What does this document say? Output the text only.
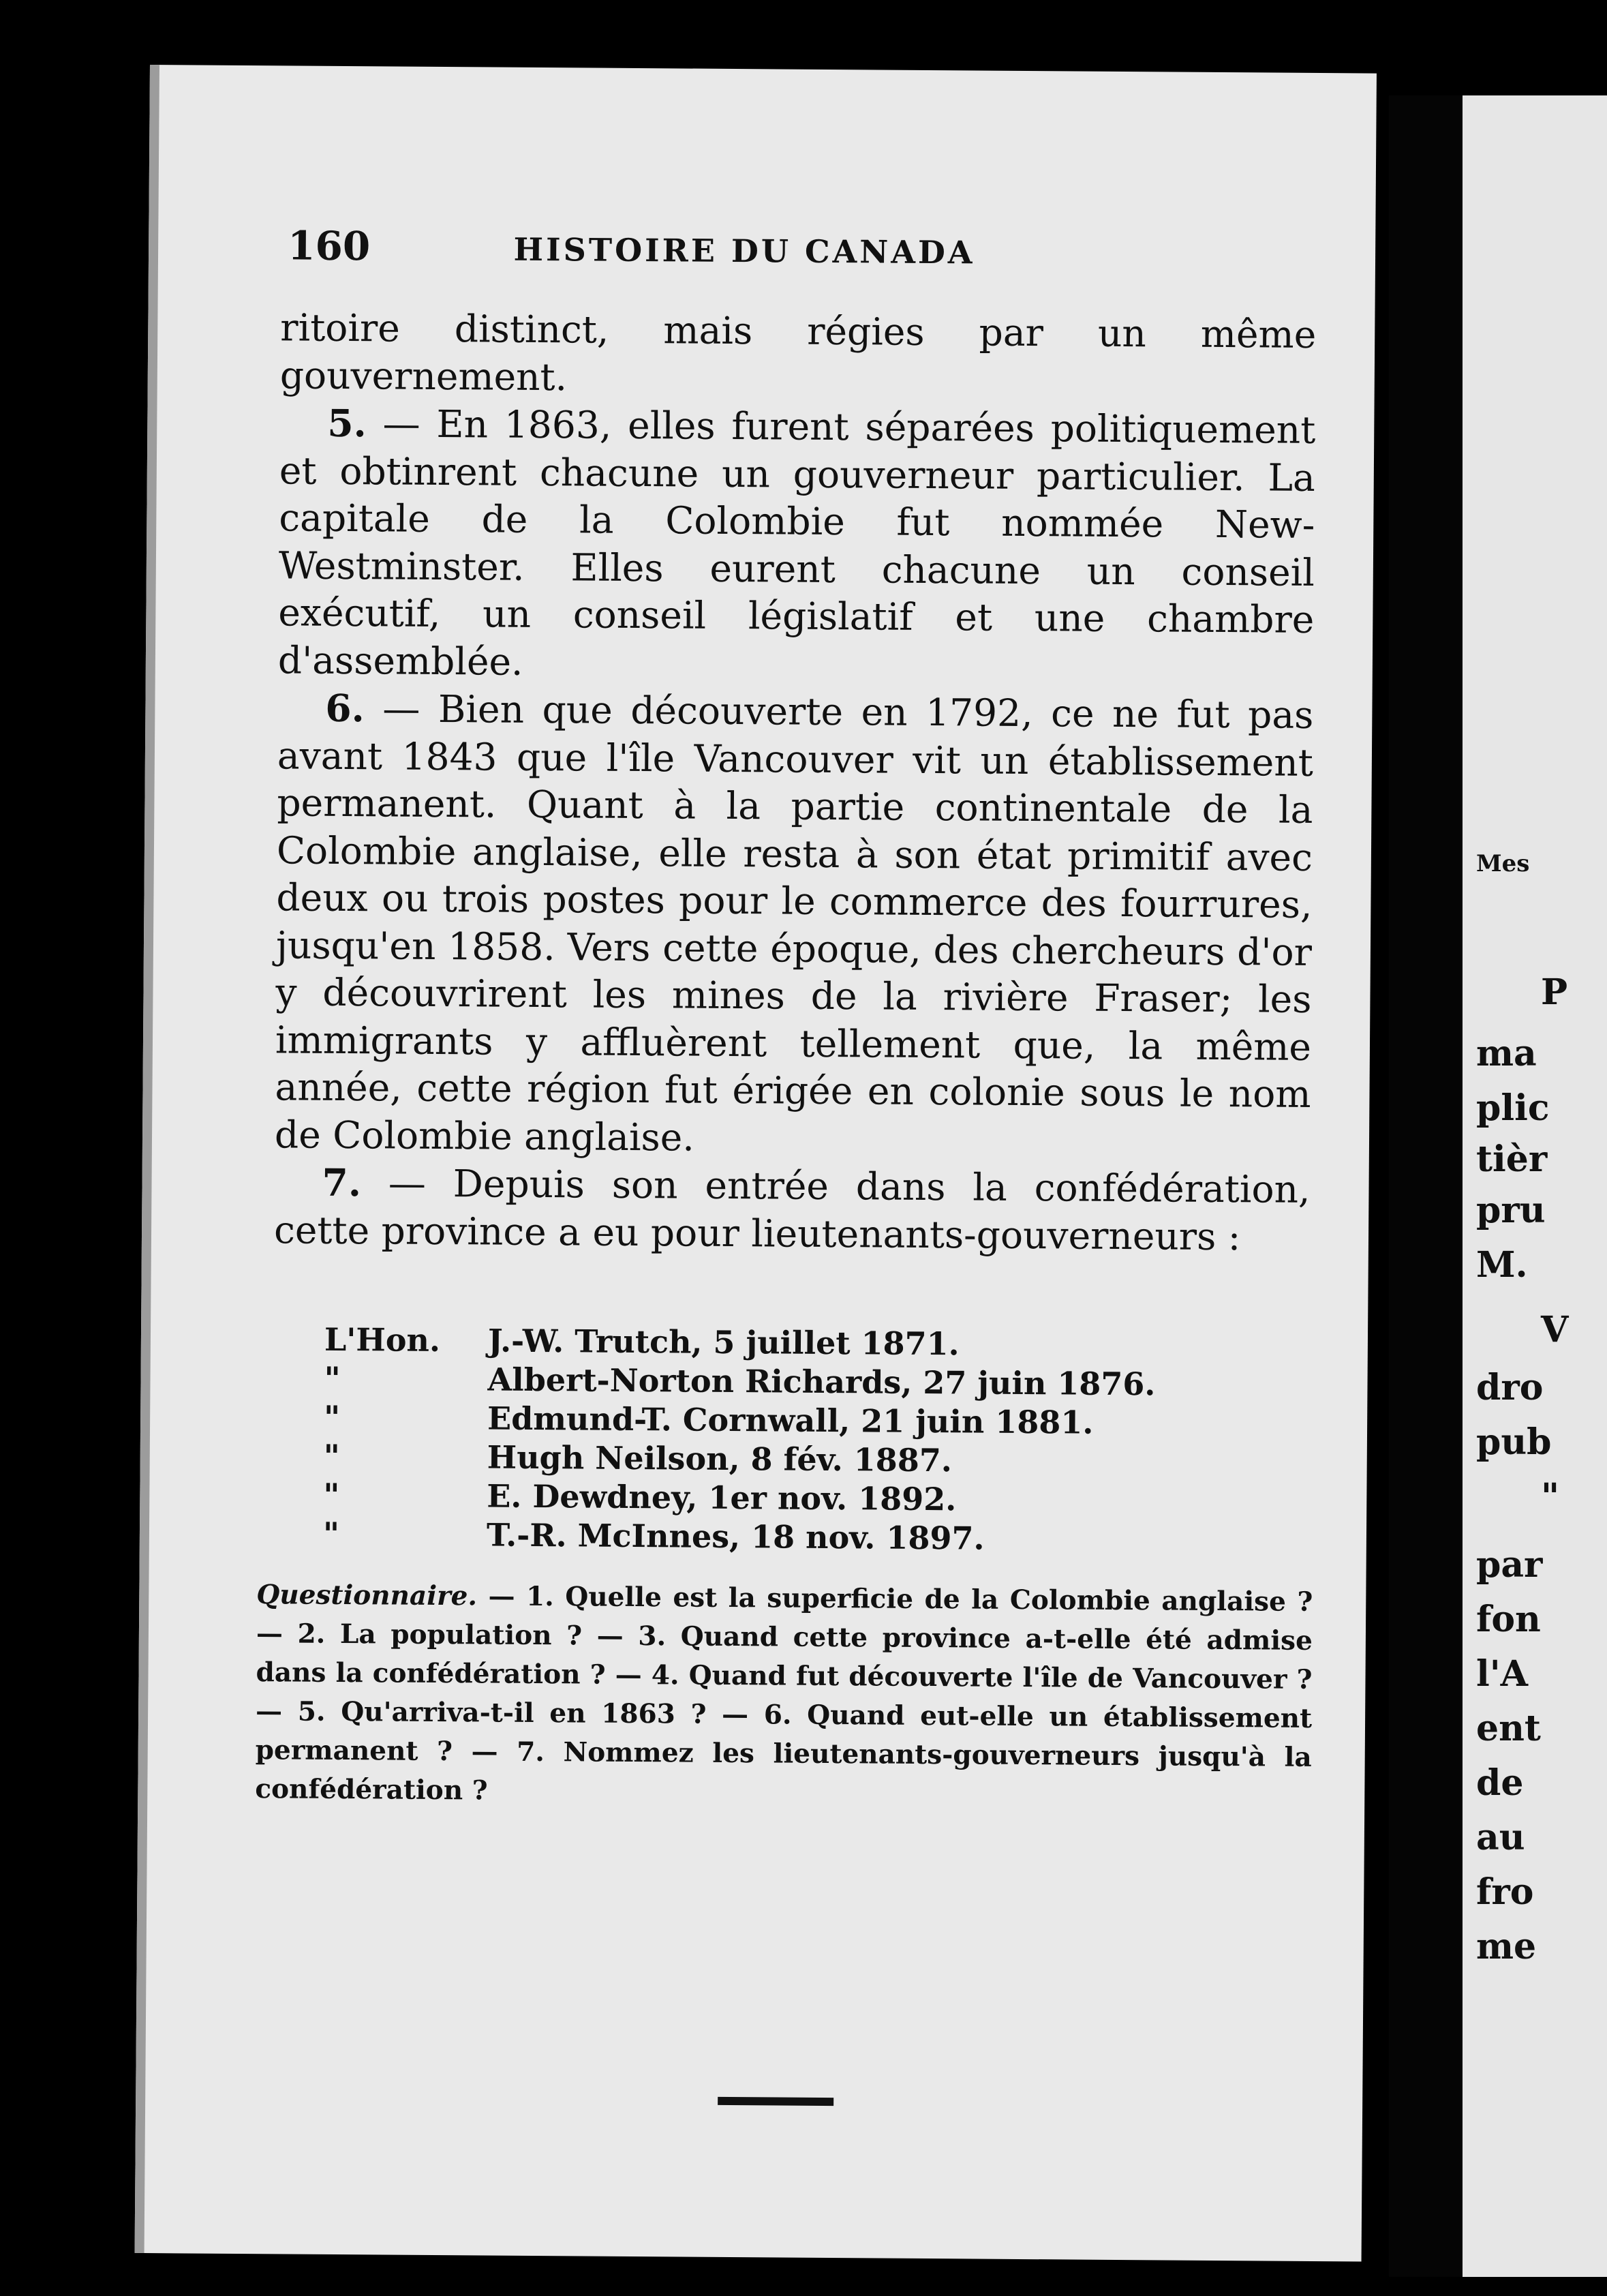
160	HISTOIRE DU CANADA

ritoire distinct, mais régies par un même gouvernement.

5. — En 1863, elles furent séparées politiquement et obtinrent chacune un gouverneur particulier. La capitale de la Colombie fut nommée New-Westminster. Elles eurent chacune un conseil exécutif, un conseil législatif et une chambre d'assemblée.

6. — Bien que découverte en 1792, ce ne fut pas avant 1843 que l'île Vancouver vit un établissement permanent. Quant à la partie continentale de la Colombie anglaise, elle resta à son état primitif avec deux ou trois postes pour le commerce des fourrures, jusqu'en 1858. Vers cette époque, des chercheurs d'or y découvrirent les mines de la rivière Fraser; les immigrants y affluèrent tellement que, la même année, cette région fut érigée en colonie sous le nom de Colombie anglaise.

7. — Depuis son entrée dans la confédération, cette province a eu pour lieutenants-gouverneurs :

L'Hon.	J.-W. Trutch, 5 juillet 1871.
"	Albert-Norton Richards, 27 juin 1876.
"	Edmund-T. Cornwall, 21 juin 1881.
"	Hugh Neilson, 8 fév. 1887.
"	E. Dewdney, 1er nov. 1892.
"	T.-R. McInnes, 18 nov. 1897.
Questionnaire. — 1. Quelle est la superficie de la Colombie anglaise ? — 2. La population ? — 3. Quand cette province a-t-elle été admise dans la confédération ? — 4. Quand fut découverte l'île de Vancouver ? — 5. Qu'arriva-t-il en 1863 ? — 6. Quand eut-elle un établissement permanent ? — 7. Nommez les lieutenants-gouverneurs jusqu'à la confédération ?
Mes
P
ma
plic
tièr
pru
M.
V
dro
pub
"
par
fon
l'A
ent
de
au
fro
me
